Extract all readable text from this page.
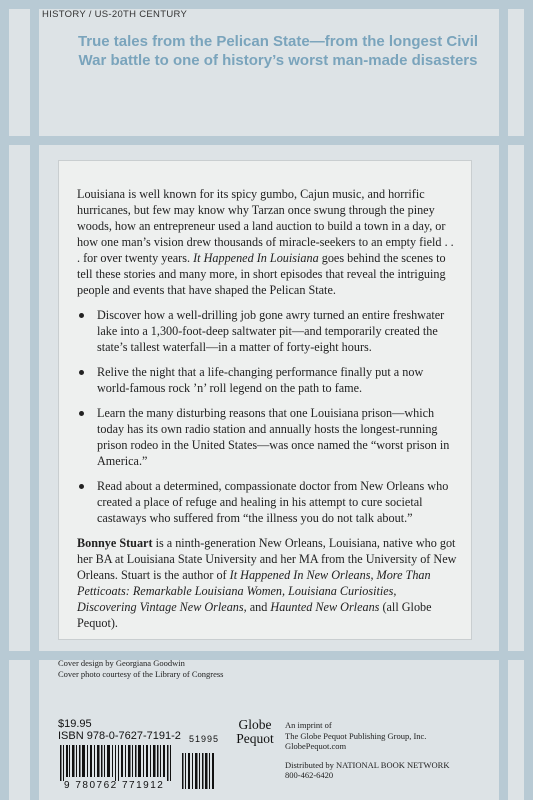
HISTORY / US-20TH CENTURY
True tales from the Pelican State—from the longest Civil War battle to one of history’s worst man-made disasters

Louisiana is well known for its spicy gumbo, Cajun music, and horrific hurricanes, but few may know why Tarzan once swung through the piney woods, how an entrepreneur used a land auction to build a town in a day, or how one man’s vision drew thousands of miracle-seekers to an empty field . . . for over twenty years. It Happened In Louisiana goes behind the scenes to tell these stories and many more, in short episodes that reveal the intriguing people and events that have shaped the Pelican State.

Discover how a well-drilling job gone awry turned an entire freshwater lake into a 1,300-foot-deep saltwater pit—and temporarily created the state’s tallest waterfall—in a matter of forty-eight hours.
Relive the night that a life-changing performance finally put a now world-famous rock ’n’ roll legend on the path to fame.
Learn the many disturbing reasons that one Louisiana prison—which today has its own radio station and annually hosts the longest-running prison rodeo in the United States—was once named the “worst prison in America.”
Read about a determined, compassionate doctor from New Orleans who created a place of refuge and healing in his attempt to cure societal castaways who suffered from “the illness you do not talk about.”

Bonnye Stuart is a ninth-generation New Orleans, Louisiana, native who got her BA at Louisiana State University and her MA from the University of New Orleans. Stuart is the author of It Happened In New Orleans, More Than Petticoats: Remarkable Louisiana Women, Louisiana Curiosities, Discovering Vintage New Orleans, and Haunted New Orleans (all Globe Pequot).

Cover design by Georgiana Goodwin
Cover photo courtesy of the Library of Congress
$19.95
ISBN 978-0-7627-7191-2
9 780762 771912
51995
Globe
Pequot
An imprint of
The Globe Pequot Publishing Group, Inc.
GlobePequot.com
Distributed by NATIONAL BOOK NETWORK
800-462-6420
